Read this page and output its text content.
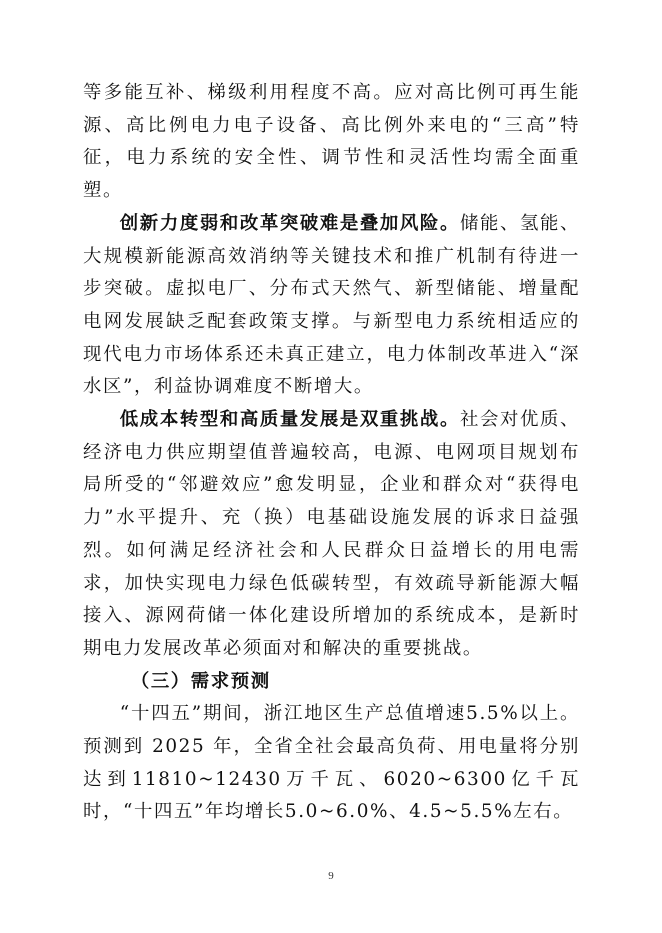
等多能互补、梯级利用程度不高。应对高比例可再生能源、高比例电力电子设备、高比例外来电的“三高”特征，电力系统的安全性、调节性和灵活性均需全面重塑。

创新力度弱和改革突破难是叠加风险。储能、氢能、大规模新能源高效消纳等关键技术和推广机制有待进一步突破。虚拟电厂、分布式天然气、新型储能、增量配电网发展缺乏配套政策支撑。与新型电力系统相适应的现代电力市场体系还未真正建立，电力体制改革进入“深水区”，利益协调难度不断增大。

低成本转型和高质量发展是双重挑战。社会对优质、经济电力供应期望值普遍较高，电源、电网项目规划布局所受的“邻避效应”愈发明显，企业和群众对“获得电力”水平提升、充（换）电基础设施发展的诉求日益强烈。如何满足经济社会和人民群众日益增长的用电需求，加快实现电力绿色低碳转型，有效疏导新能源大幅接入、源网荷储一体化建设所增加的系统成本，是新时期电力发展改革必须面对和解决的重要挑战。

（三）需求预测

“十四五”期间，浙江地区生产总值增速5.5%以上。预测到 2025 年，全省全社会最高负荷、用电量将分别达到11810~12430万千瓦、6020~6300亿千瓦时，“十四五”年均增长5.0~6.0%、4.5~5.5%左右。

9
